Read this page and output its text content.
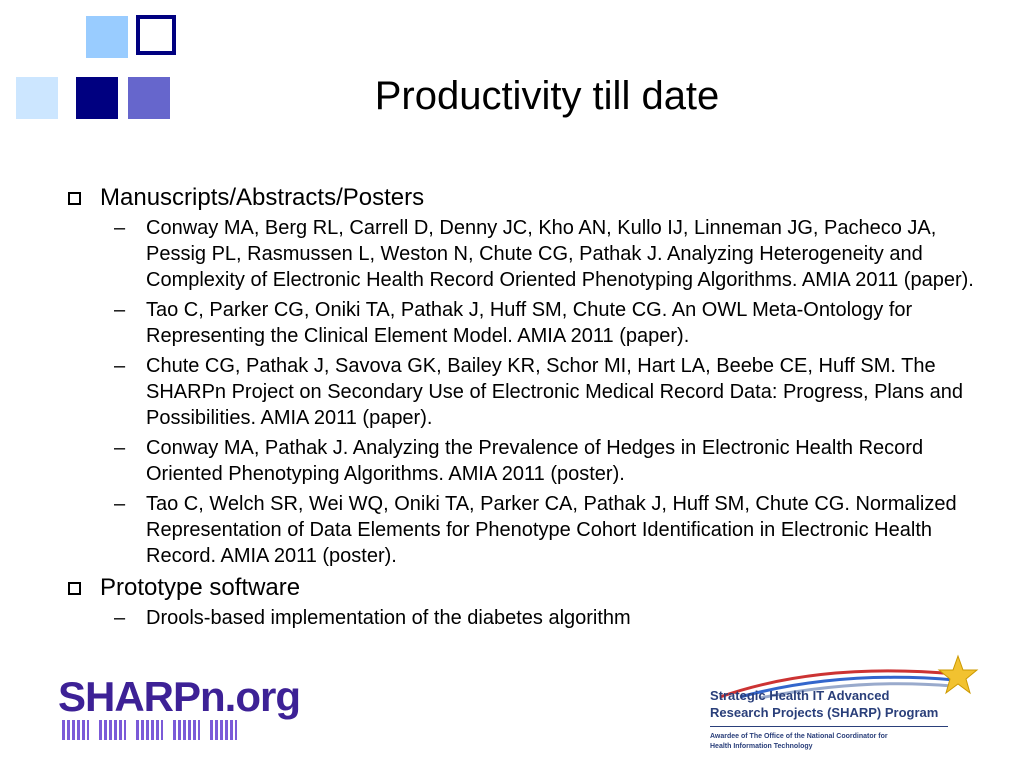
Productivity till date
Manuscripts/Abstracts/Posters
– Conway MA, Berg RL, Carrell D, Denny JC, Kho AN, Kullo IJ, Linneman JG, Pacheco JA, Pessig PL, Rasmussen L, Weston N, Chute CG, Pathak J. Analyzing Heterogeneity and Complexity of Electronic Health Record Oriented Phenotyping Algorithms. AMIA 2011 (paper).
– Tao C, Parker CG, Oniki TA, Pathak J, Huff SM, Chute CG. An OWL Meta-Ontology for Representing the Clinical Element Model. AMIA 2011 (paper).
– Chute CG, Pathak J, Savova GK, Bailey KR, Schor MI, Hart LA, Beebe CE, Huff SM. The SHARPn Project on Secondary Use of Electronic Medical Record Data: Progress, Plans and Possibilities. AMIA 2011 (paper).
– Conway MA, Pathak J. Analyzing the Prevalence of Hedges in Electronic Health Record Oriented Phenotyping Algorithms. AMIA 2011 (poster).
– Tao C, Welch SR, Wei WQ, Oniki TA, Parker CA, Pathak J, Huff SM, Chute CG. Normalized Representation of Data Elements for Phenotype Cohort Identification in Electronic Health Record. AMIA 2011 (poster).
Prototype software
– Drools-based implementation of the diabetes algorithm
SHARPn.org	Strategic Health IT Advanced
Research Projects (SHARP) Program
Awardee of The Office of the National Coordinator for
Health Information Technology
